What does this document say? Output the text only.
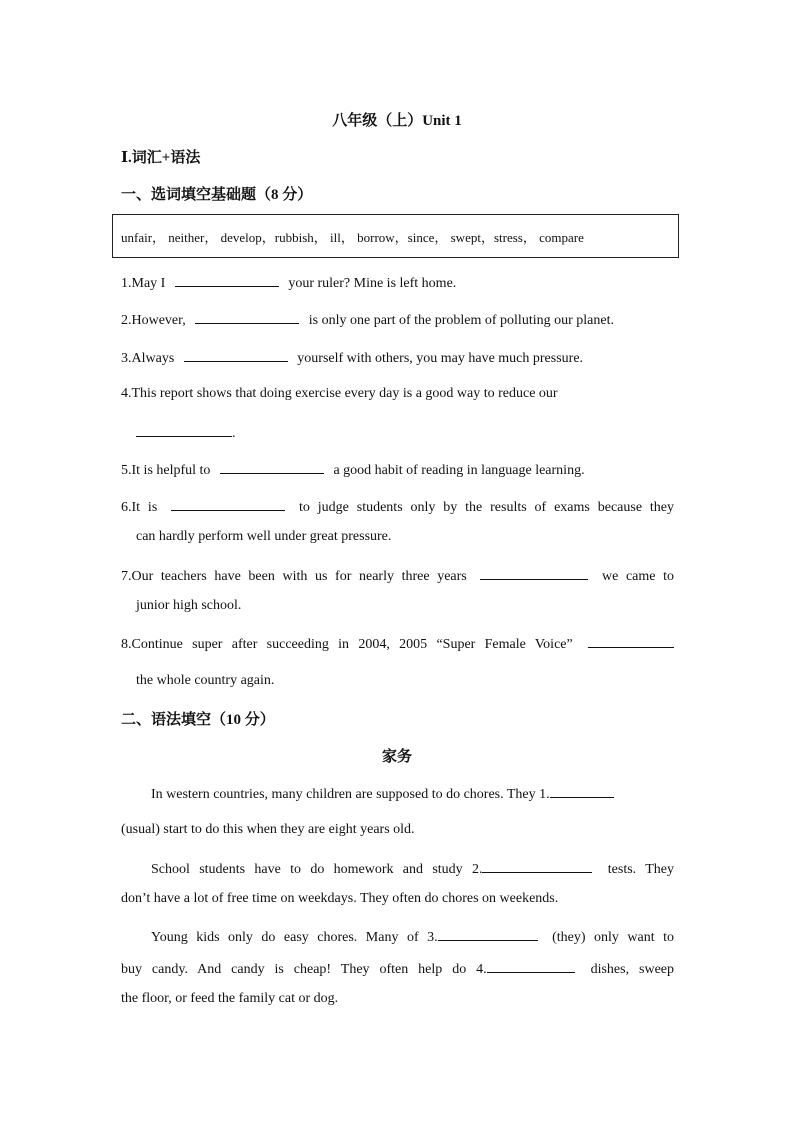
八年级（上）Unit 1
Ⅰ.词汇+语法
一、选词填空基础题（8 分）
unfair， neither， develop，rubbish， ill， borrow，since， swept，stress， compare
1.May I	your ruler? Mine is left home.
2.However,	is only one part of the problem of polluting our planet.
3.Always	yourself with others, you may have much pressure.
4.This report shows that doing exercise every day is a good way to reduce our
.
5.It is helpful to	a good habit of reading in language learning.
6.It is	to judge students only by the results of exams because they
can hardly perform well under great pressure.
7.Our teachers have been with us for nearly three years	we came to
junior high school.
8.Continue super after succeeding in 2004, 2005 “Super Female Voice”
the whole country again.
二、语法填空（10 分）
家务
In western countries, many children are supposed to do chores. They 1.
(usual) start to do this when they are eight years old.
School students have to do homework and study 2.	tests. They
don’t have a lot of free time on weekdays. They often do chores on weekends.
Young kids only do easy chores. Many of 3.	(they) only want to
buy candy. And candy is cheap! They often help do 4.	dishes, sweep
the floor, or feed the family cat or dog.
